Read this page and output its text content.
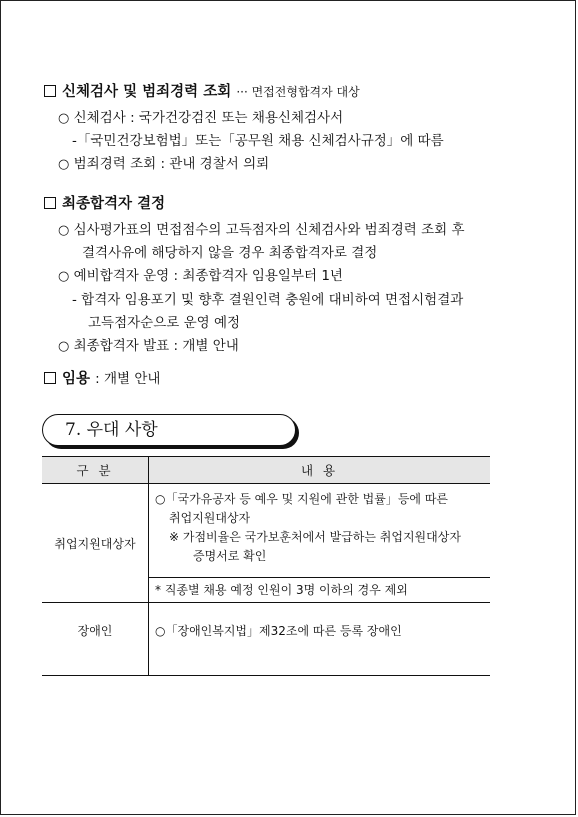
신체검사 및 범죄경력 조회 ··· 면접전형합격자 대상
○ 신체검사 : 국가건강검진 또는 채용신체검사서
-「국민건강보험법」또는「공무원 채용 신체검사규정」에 따름
○ 범죄경력 조회 : 관내 경찰서 의뢰
최종합격자 결정
○ 심사평가표의 면접점수의 고득점자의 신체검사와 범죄경력 조회 후
결격사유에 해당하지 않을 경우 최종합격자로 결정
○ 예비합격자 운영 : 최종합격자 임용일부터 1년
- 합격자 임용포기 및 향후 결원인력 충원에 대비하여 면접시험결과
고득점자순으로 운영 예정
○ 최종합격자 발표 : 개별 안내
임용 : 개별 안내
7. 우대 사항
구 분	내 용
취업지원대상자	○「국가유공자 등 예우 및 지원에 관한 법률」등에 따른
취업지원대상자
※ 가점비율은 국가보훈처에서 발급하는 취업지원대상자
증명서로 확인

	* 직종별 채용 예정 인원이 3명 이하의 경우 제외
장애인	○「장애인복지법」제32조에 따른 등록 장애인
